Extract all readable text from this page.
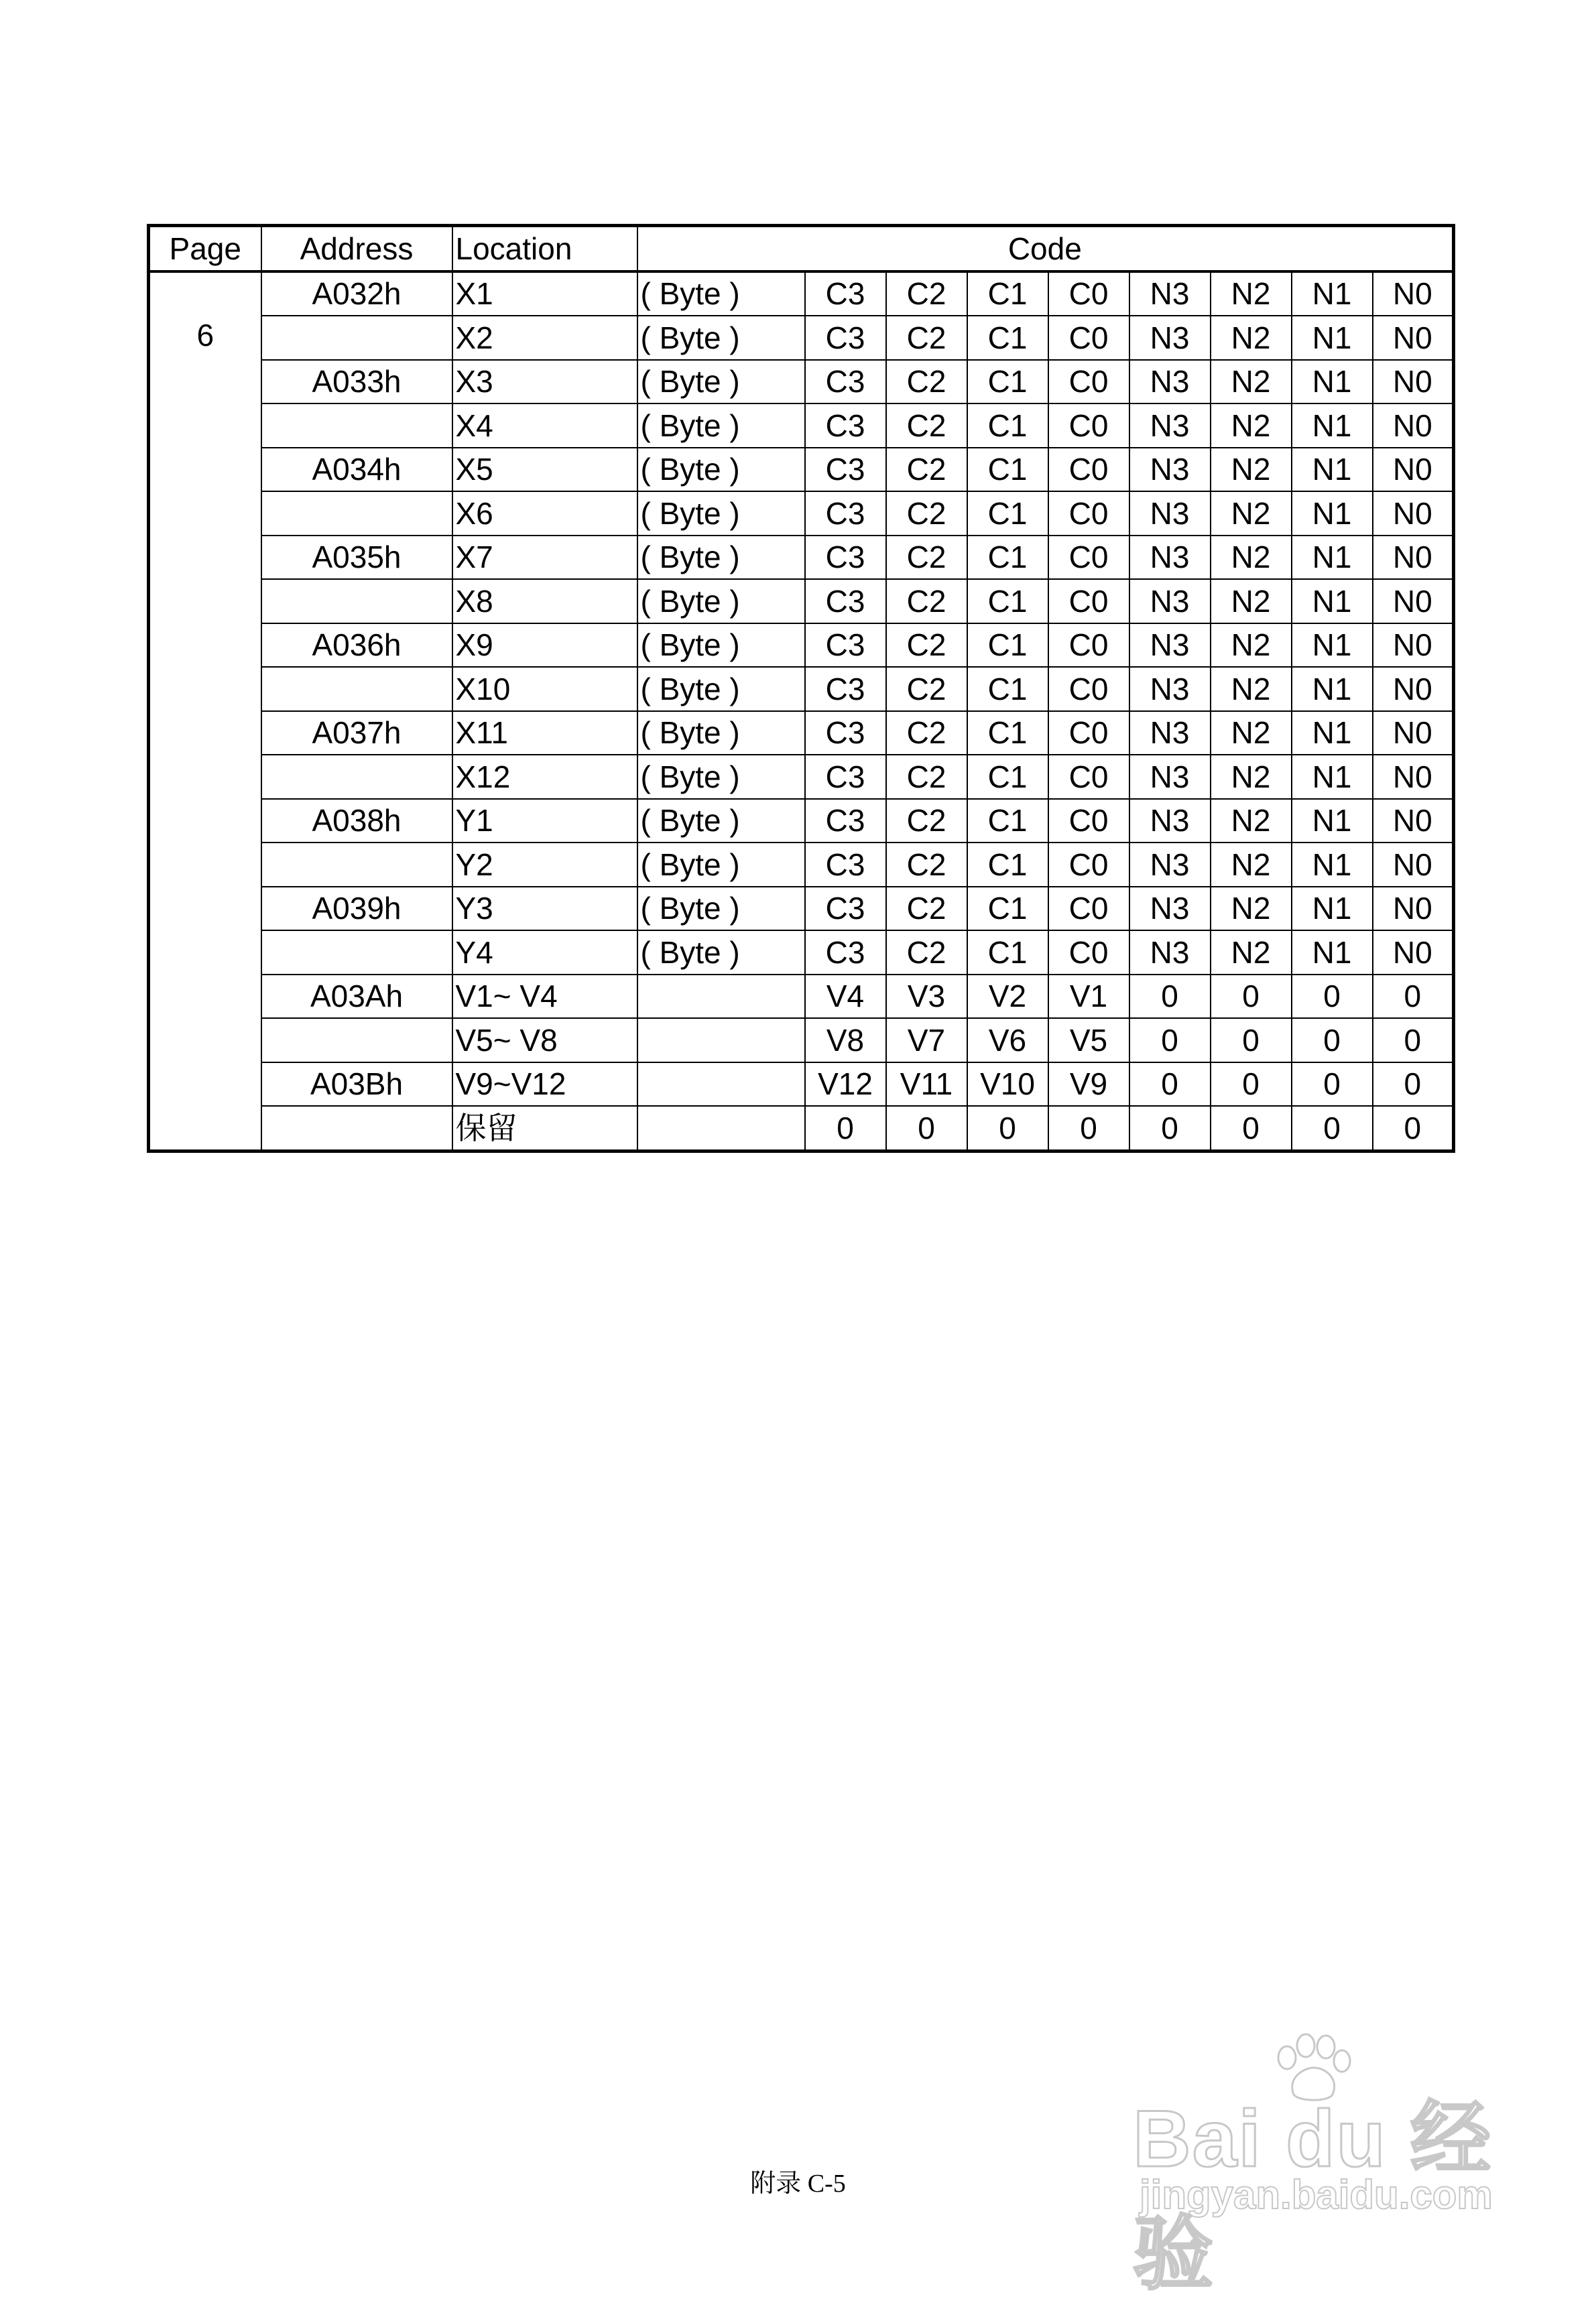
Page	Address	Location	Code								
6	A032h	X1	( Byte )	C3	C2	C1	C0	N3	N2	N1	N0
		X2	( Byte )	C3	C2	C1	C0	N3	N2	N1	N0
	A033h	X3	( Byte )	C3	C2	C1	C0	N3	N2	N1	N0
		X4	( Byte )	C3	C2	C1	C0	N3	N2	N1	N0
	A034h	X5	( Byte )	C3	C2	C1	C0	N3	N2	N1	N0
		X6	( Byte )	C3	C2	C1	C0	N3	N2	N1	N0
	A035h	X7	( Byte )	C3	C2	C1	C0	N3	N2	N1	N0
		X8	( Byte )	C3	C2	C1	C0	N3	N2	N1	N0
	A036h	X9	( Byte )	C3	C2	C1	C0	N3	N2	N1	N0
		X10	( Byte )	C3	C2	C1	C0	N3	N2	N1	N0
	A037h	X11	( Byte )	C3	C2	C1	C0	N3	N2	N1	N0
		X12	( Byte )	C3	C2	C1	C0	N3	N2	N1	N0
	A038h	Y1	( Byte )	C3	C2	C1	C0	N3	N2	N1	N0
		Y2	( Byte )	C3	C2	C1	C0	N3	N2	N1	N0
	A039h	Y3	( Byte )	C3	C2	C1	C0	N3	N2	N1	N0
		Y4	( Byte )	C3	C2	C1	C0	N3	N2	N1	N0
	A03Ah	V1~ V4		V4	V3	V2	V1	0	0	0	0
		V5~ V8		V8	V7	V6	V5	0	0	0	0
	A03Bh	V9~V12		V12	V11	V10	V9	0	0	0	0
		保留		0	0	0	0	0	0	0	0
附录 C-5	Bai du 经验
jingyan.baidu.com
